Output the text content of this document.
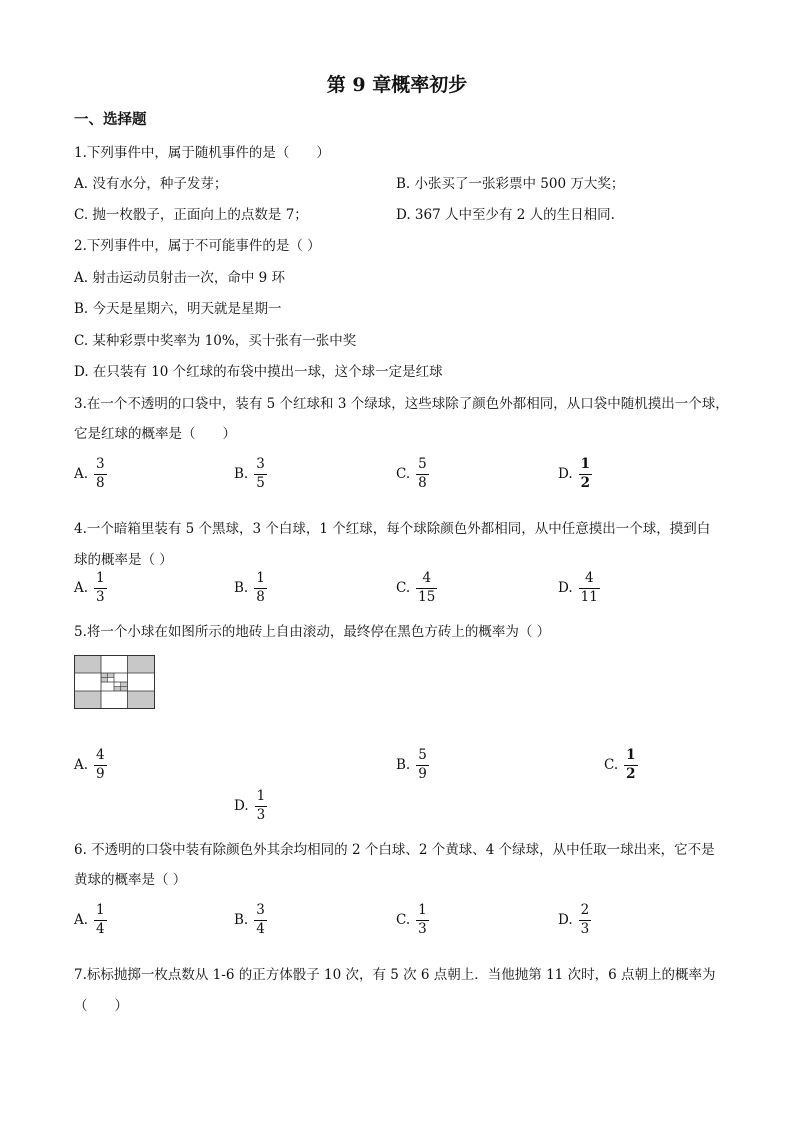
第 9 章概率初步
一、选择题
1.下列事件中，属于随机事件的是（　　）
A. 没有水分，种子发芽；	B. 小张买了一张彩票中 500 万大奖；
C. 抛一枚骰子，正面向上的点数是 7；	D. 367 人中至少有 2 人的生日相同.
2.下列事件中，属于不可能事件的是（ ）
A. 射击运动员射击一次，命中 9 环
B. 今天是星期六，明天就是星期一
C. 某种彩票中奖率为 10%，买十张有一张中奖
D. 在只装有 10 个红球的布袋中摸出一球，这个球一定是红球
3.在一个不透明的口袋中，装有 5 个红球和 3 个绿球，这些球除了颜色外都相同，从口袋中随机摸出一个球，
它是红球的概率是（　　）
A. $\frac{3}{8}$	B. $\frac{3}{5}$	C. $\frac{5}{8}$	D. $\frac{1}{2}$
4.一个暗箱里装有 5 个黑球，3 个白球，1 个红球，每个球除颜色外都相同，从中任意摸出一个球，摸到白
球的概率是（ ）
A. $\frac{1}{3}$	B. $\frac{1}{8}$	C. $\frac{4}{15}$	D. $\frac{4}{11}$
5.将一个小球在如图所示的地砖上自由滚动，最终停在黑色方砖上的概率为（ ）
A. $\frac{4}{9}$	B. $\frac{5}{9}$	C. $\frac{1}{2}$
D. $\frac{1}{3}$
6. 不透明的口袋中装有除颜色外其余均相同的 2 个白球、2 个黄球、4 个绿球，从中任取一球出来，它不是
黄球的概率是（ ）
A. $\frac{1}{4}$	B. $\frac{3}{4}$	C. $\frac{1}{3}$	D. $\frac{2}{3}$
7.标标抛掷一枚点数从 1-6 的正方体骰子 10 次，有 5 次 6 点朝上．当他抛第 11 次时，6 点朝上的概率为
（　　）
